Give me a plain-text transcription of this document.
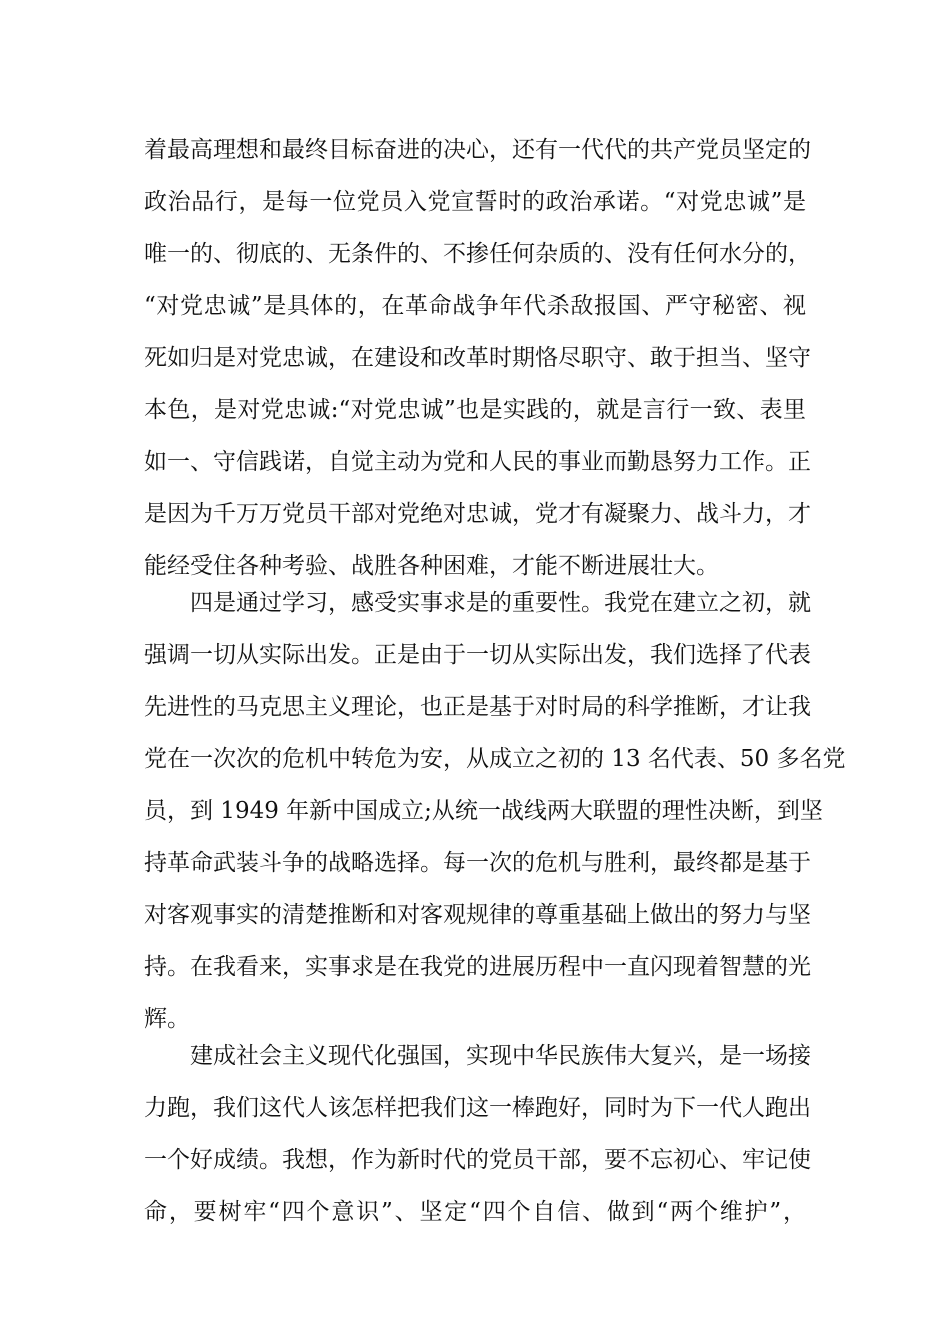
着最高理想和最终目标奋进的决心，还有一代代的共产党员坚定的
政治品行，是每一位党员入党宣誓时的政治承诺。“对党忠诚”是
唯一的、彻底的、无条件的、不掺任何杂质的、没有任何水分的，
“对党忠诚”是具体的，在革命战争年代杀敌报国、严守秘密、视
死如归是对党忠诚，在建设和改革时期恪尽职守、敢于担当、坚守
本色，是对党忠诚:“对党忠诚”也是实践的，就是言行一致、表里
如一、守信践诺，自觉主动为党和人民的事业而勤恳努力工作。正
是因为千万万党员干部对党绝对忠诚，党才有凝聚力、战斗力，才
能经受住各种考验、战胜各种困难，才能不断进展壮大。
四是通过学习，感受实事求是的重要性。我党在建立之初，就
强调一切从实际出发。正是由于一切从实际出发，我们选择了代表
先进性的马克思主义理论，也正是基于对时局的科学推断，才让我
党在一次次的危机中转危为安，从成立之初的 13 名代表、50 多名党
员，到 1949 年新中国成立;从统一战线两大联盟的理性决断，到坚
持革命武装斗争的战略选择。每一次的危机与胜利，最终都是基于
对客观事实的清楚推断和对客观规律的尊重基础上做出的努力与坚
持。在我看来，实事求是在我党的进展历程中一直闪现着智慧的光
辉。
建成社会主义现代化强国，实现中华民族伟大复兴，是一场接
力跑，我们这代人该怎样把我们这一棒跑好，同时为下一代人跑出
一个好成绩。我想，作为新时代的党员干部，要不忘初心、牢记使
命，要树牢“四个意识”、坚定“四个自信、做到“两个维护”，
